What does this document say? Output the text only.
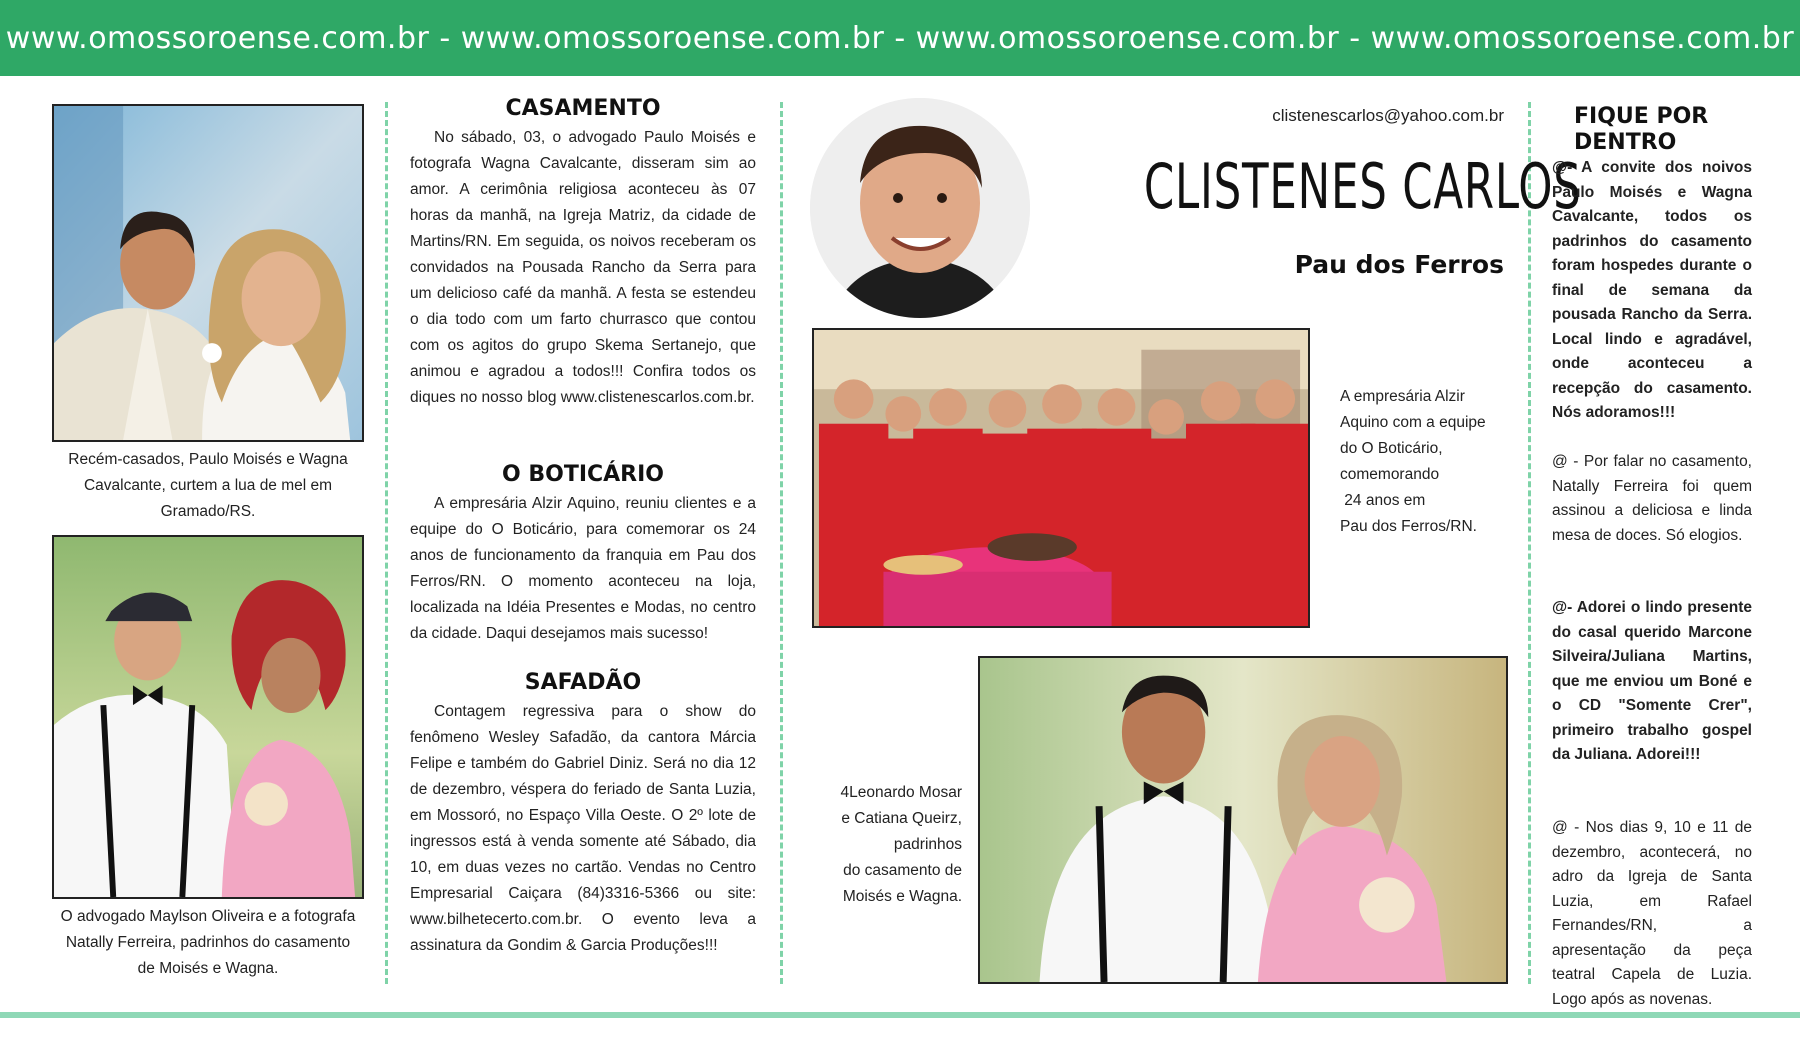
www.omossoroense.com.br - www.omossoroense.com.br - www.omossoroense.com.br - www.omossoroense.com.br
Recém-casados, Paulo Moisés e Wagna
Cavalcante, curtem a lua de mel em
Gramado/RS.
O advogado Maylson Oliveira e a fotografa
Natally Ferreira, padrinhos do casamento
de Moisés e Wagna.
CASAMENTO
No sábado, 03, o advogado Paulo Moisés e fotografa Wagna Cavalcante, disseram sim ao amor. A cerimônia religiosa aconteceu às 07 horas da manhã, na Igreja Matriz, da cidade de Martins/RN. Em seguida, os noivos receberam os convidados na Pousada Rancho da Serra para um delicioso café da manhã. A festa se estendeu o dia todo com um farto churrasco que contou com os agitos do grupo Skema Sertanejo, que animou e agradou a todos!!! Confira todos os diques no nosso blog www.clistenescarlos.com.br.
O BOTICÁRIO
A empresária Alzir Aquino, reuniu clientes e a equipe do O Boticário, para comemorar os 24 anos de funcionamento da franquia em Pau dos Ferros/RN. O momento aconteceu na loja, localizada na Idéia Presentes e Modas, no centro da cidade. Daqui desejamos mais sucesso!
SAFADÃO
Contagem regressiva para o show do fenômeno Wesley Safadão, da cantora Márcia Felipe e também do Gabriel Diniz. Será no dia 12 de dezembro, véspera do feriado de Santa Luzia, em Mossoró, no Espaço Villa Oeste. O 2º lote de ingressos está à venda somente até Sábado, dia 10, em duas vezes no cartão. Vendas no Centro Empresarial Caiçara (84)3316-5366 ou site: www.bilhetecerto.com.br. O evento leva a assinatura da Gondim & Garcia Produções!!!
clistenescarlos@yahoo.com.br
CLISTENES CARLOS
Pau dos Ferros
A empresária Alzir
Aquino com a equipe
do O Boticário,
comemorando
24 anos em
Pau dos Ferros/RN.
4Leonardo Mosar
e Catiana Queirz,
padrinhos
do casamento de
Moisés e Wagna.
FIQUE POR
DENTRO
@- A convite dos noivos Paulo Moisés e Wagna Cavalcante, todos os padrinhos do casamento foram hospedes durante o final de semana da pousada Rancho da Serra. Local lindo e agradável, onde aconteceu a recepção do casamento. Nós adoramos!!!
@ - Por falar no casamento, Natally Ferreira foi quem assinou a deliciosa e linda mesa de doces. Só elogios.
@- Adorei o lindo presente do casal querido Marcone Silveira/Juliana Martins, que me enviou um Boné e o CD "Somente Crer", primeiro trabalho gospel da Juliana. Adorei!!!
@ - Nos dias 9, 10 e 11 de dezembro, acontecerá, no adro da Igreja de Santa Luzia, em Rafael Fernandes/RN, a apresentação da peça teatral Capela de Luzia. Logo após as novenas.
